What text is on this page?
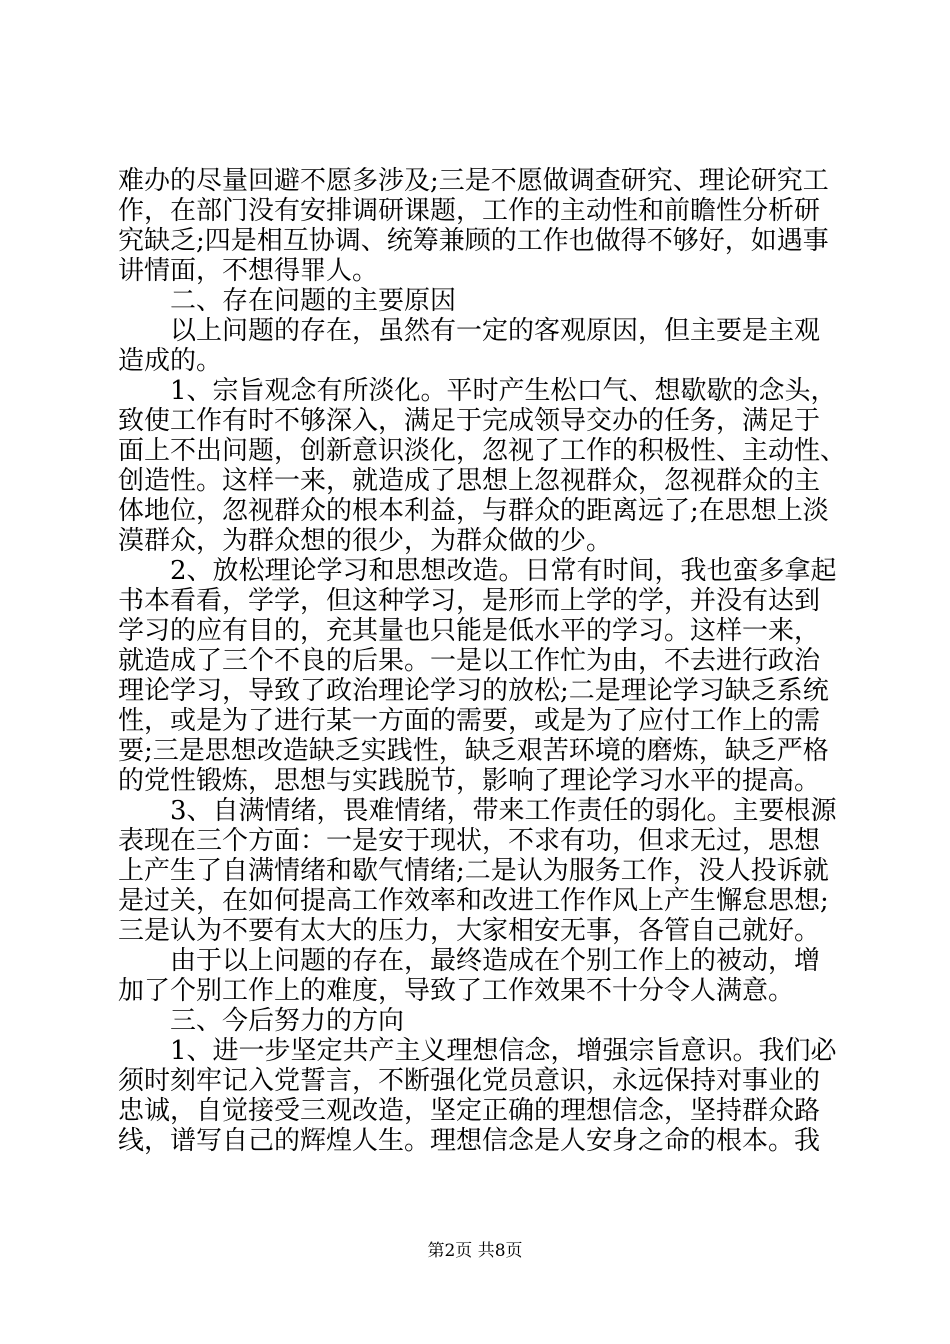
难办的尽量回避不愿多涉及;三是不愿做调查研究、理论研究工
作，在部门没有安排调研课题，工作的主动性和前瞻性分析研
究缺乏;四是相互协调、统筹兼顾的工作也做得不够好，如遇事
讲情面，不想得罪人。
　　二、存在问题的主要原因
　　以上问题的存在，虽然有一定的客观原因，但主要是主观
造成的。
　　1、宗旨观念有所淡化。平时产生松口气、想歇歇的念头，
致使工作有时不够深入，满足于完成领导交办的任务，满足于
面上不出问题，创新意识淡化，忽视了工作的积极性、主动性、
创造性。这样一来，就造成了思想上忽视群众，忽视群众的主
体地位，忽视群众的根本利益，与群众的距离远了;在思想上淡
漠群众，为群众想的很少，为群众做的少。
　　2、放松理论学习和思想改造。日常有时间，我也蛮多拿起
书本看看，学学，但这种学习，是形而上学的学，并没有达到
学习的应有目的，充其量也只能是低水平的学习。这样一来，
就造成了三个不良的后果。一是以工作忙为由，不去进行政治
理论学习，导致了政治理论学习的放松;二是理论学习缺乏系统
性，或是为了进行某一方面的需要，或是为了应付工作上的需
要;三是思想改造缺乏实践性，缺乏艰苦环境的磨炼，缺乏严格
的党性锻炼，思想与实践脱节，影响了理论学习水平的提高。
　　3、自满情绪，畏难情绪，带来工作责任的弱化。主要根源
表现在三个方面：一是安于现状，不求有功，但求无过，思想
上产生了自满情绪和歇气情绪;二是认为服务工作，没人投诉就
是过关，在如何提高工作效率和改进工作作风上产生懈怠思想;
三是认为不要有太大的压力，大家相安无事，各管自己就好。
　　由于以上问题的存在，最终造成在个别工作上的被动，增
加了个别工作上的难度，导致了工作效果不十分令人满意。
　　三、今后努力的方向
　　1、进一步坚定共产主义理想信念，增强宗旨意识。我们必
须时刻牢记入党誓言，不断强化党员意识，永远保持对事业的
忠诚，自觉接受三观改造，坚定正确的理想信念，坚持群众路
线，谱写自己的辉煌人生。理想信念是人安身之命的根本。我
第2页 共8页
